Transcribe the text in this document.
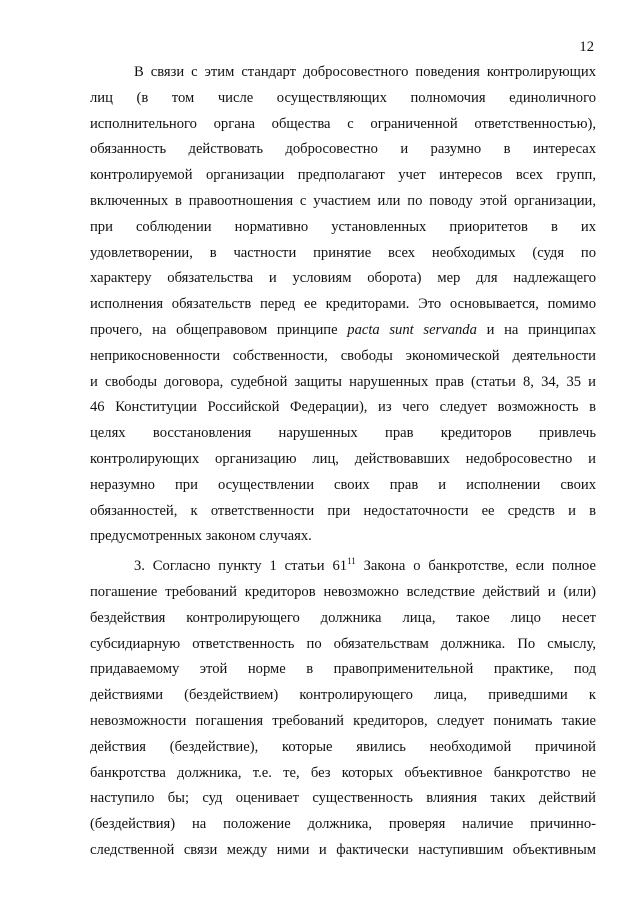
12
В связи с этим стандарт добросовестного поведения контролирующих
лиц (в том числе осуществляющих полномочия единоличного
исполнительного органа общества с ограниченной ответственностью),
обязанность действовать добросовестно и разумно в интересах
контролируемой организации предполагают учет интересов всех групп,
включенных в правоотношения с участием или по поводу этой организации,
при соблюдении нормативно установленных приоритетов в их
удовлетворении, в частности принятие всех необходимых (судя по
характеру обязательства и условиям оборота) мер для надлежащего
исполнения обязательств перед ее кредиторами. Это основывается, помимо
прочего, на общеправовом принципе pacta sunt servanda и на принципах
неприкосновенности собственности, свободы экономической деятельности
и свободы договора, судебной защиты нарушенных прав (статьи 8, 34, 35 и
46 Конституции Российской Федерации), из чего следует возможность в
целях восстановления нарушенных прав кредиторов привлечь
контролирующих организацию лиц, действовавших недобросовестно и
неразумно при осуществлении своих прав и исполнении своих
обязанностей, к ответственности при недостаточности ее средств и в
предусмотренных законом случаях.
3. Согласно пункту 1 статьи $61^{11}$ Закона о банкротстве, если полное
погашение требований кредиторов невозможно вследствие действий и (или)
бездействия контролирующего должника лица, такое лицо несет
субсидиарную ответственность по обязательствам должника. По смыслу,
придаваемому этой норме в правоприменительной практике, под
действиями (бездействием) контролирующего лица, приведшими к
невозможности погашения требований кредиторов, следует понимать такие
действия (бездействие), которые явились необходимой причиной
банкротства должника, т.е. те, без которых объективное банкротство не
наступило бы; суд оценивает существенность влияния таких действий
(бездействия) на положение должника, проверяя наличие причинно-
следственной связи между ними и фактически наступившим объективным
